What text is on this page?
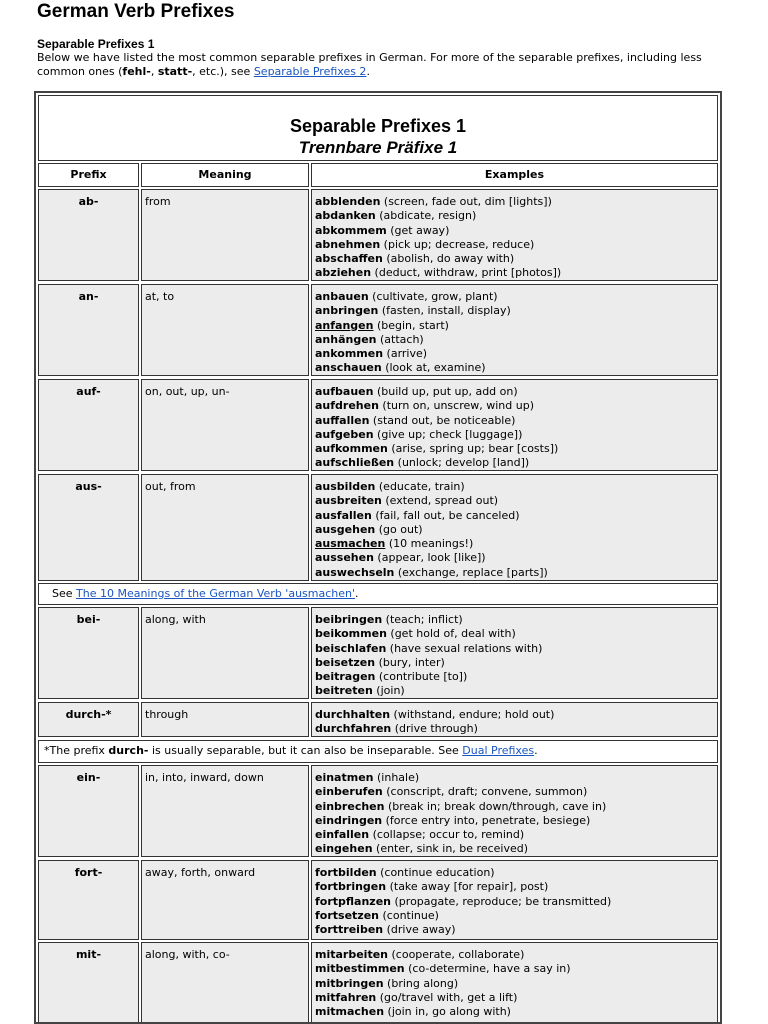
German Verb Prefixes
Separable Prefixes 1

Below we have listed the most common separable prefixes in German. For more of the separable prefixes, including less common ones (fehl-, statt-, etc.), see Separable Prefixes 2.

Separable Prefixes 1
Trennbare Präfixe 1
Prefix	Meaning	Examples
ab-	from	abblenden (screen, fade out, dim [lights])
abdanken (abdicate, resign)
abkommem (get away)
abnehmen (pick up; decrease, reduce)
abschaffen (abolish, do away with)
abziehen (deduct, withdraw, print [photos])
an-	at, to	anbauen (cultivate, grow, plant)
anbringen (fasten, install, display)
anfangen (begin, start)
anhängen (attach)
ankommen (arrive)
anschauen (look at, examine)
auf-	on, out, up, un-	aufbauen (build up, put up, add on)
aufdrehen (turn on, unscrew, wind up)
auffallen (stand out, be noticeable)
aufgeben (give up; check [luggage])
aufkommen (arise, spring up; bear [costs])
aufschließen (unlock; develop [land])
aus-	out, from	ausbilden (educate, train)
ausbreiten (extend, spread out)
ausfallen (fail, fall out, be canceled)
ausgehen (go out)
ausmachen (10 meanings!)
aussehen (appear, look [like])
auswechseln (exchange, replace [parts])
bei-	along, with	beibringen (teach; inflict)
beikommen (get hold of, deal with)
beischlafen (have sexual relations with)
beisetzen (bury, inter)
beitragen (contribute [to])
beitreten (join)
durch-*	through	durchhalten (withstand, endure; hold out)
durchfahren (drive through)
ein-	in, into, inward, down	einatmen (inhale)
einberufen (conscript, draft; convene, summon)
einbrechen (break in; break down/through, cave in)
eindringen (force entry into, penetrate, besiege)
einfallen (collapse; occur to, remind)
eingehen (enter, sink in, be received)
fort-	away, forth, onward	fortbilden (continue education)
fortbringen (take away [for repair], post)
fortpflanzen (propagate, reproduce; be transmitted)
fortsetzen (continue)
forttreiben (drive away)
mit-	along, with, co-	mitarbeiten (cooperate, collaborate)
mitbestimmen (co-determine, have a say in)
mitbringen (bring along)
mitfahren (go/travel with, get a lift)
mitmachen (join in, go along with)
See The 10 Meanings of the German Verb 'ausmachen'.
*The prefix durch- is usually separable, but it can also be inseparable. See Dual Prefixes.
